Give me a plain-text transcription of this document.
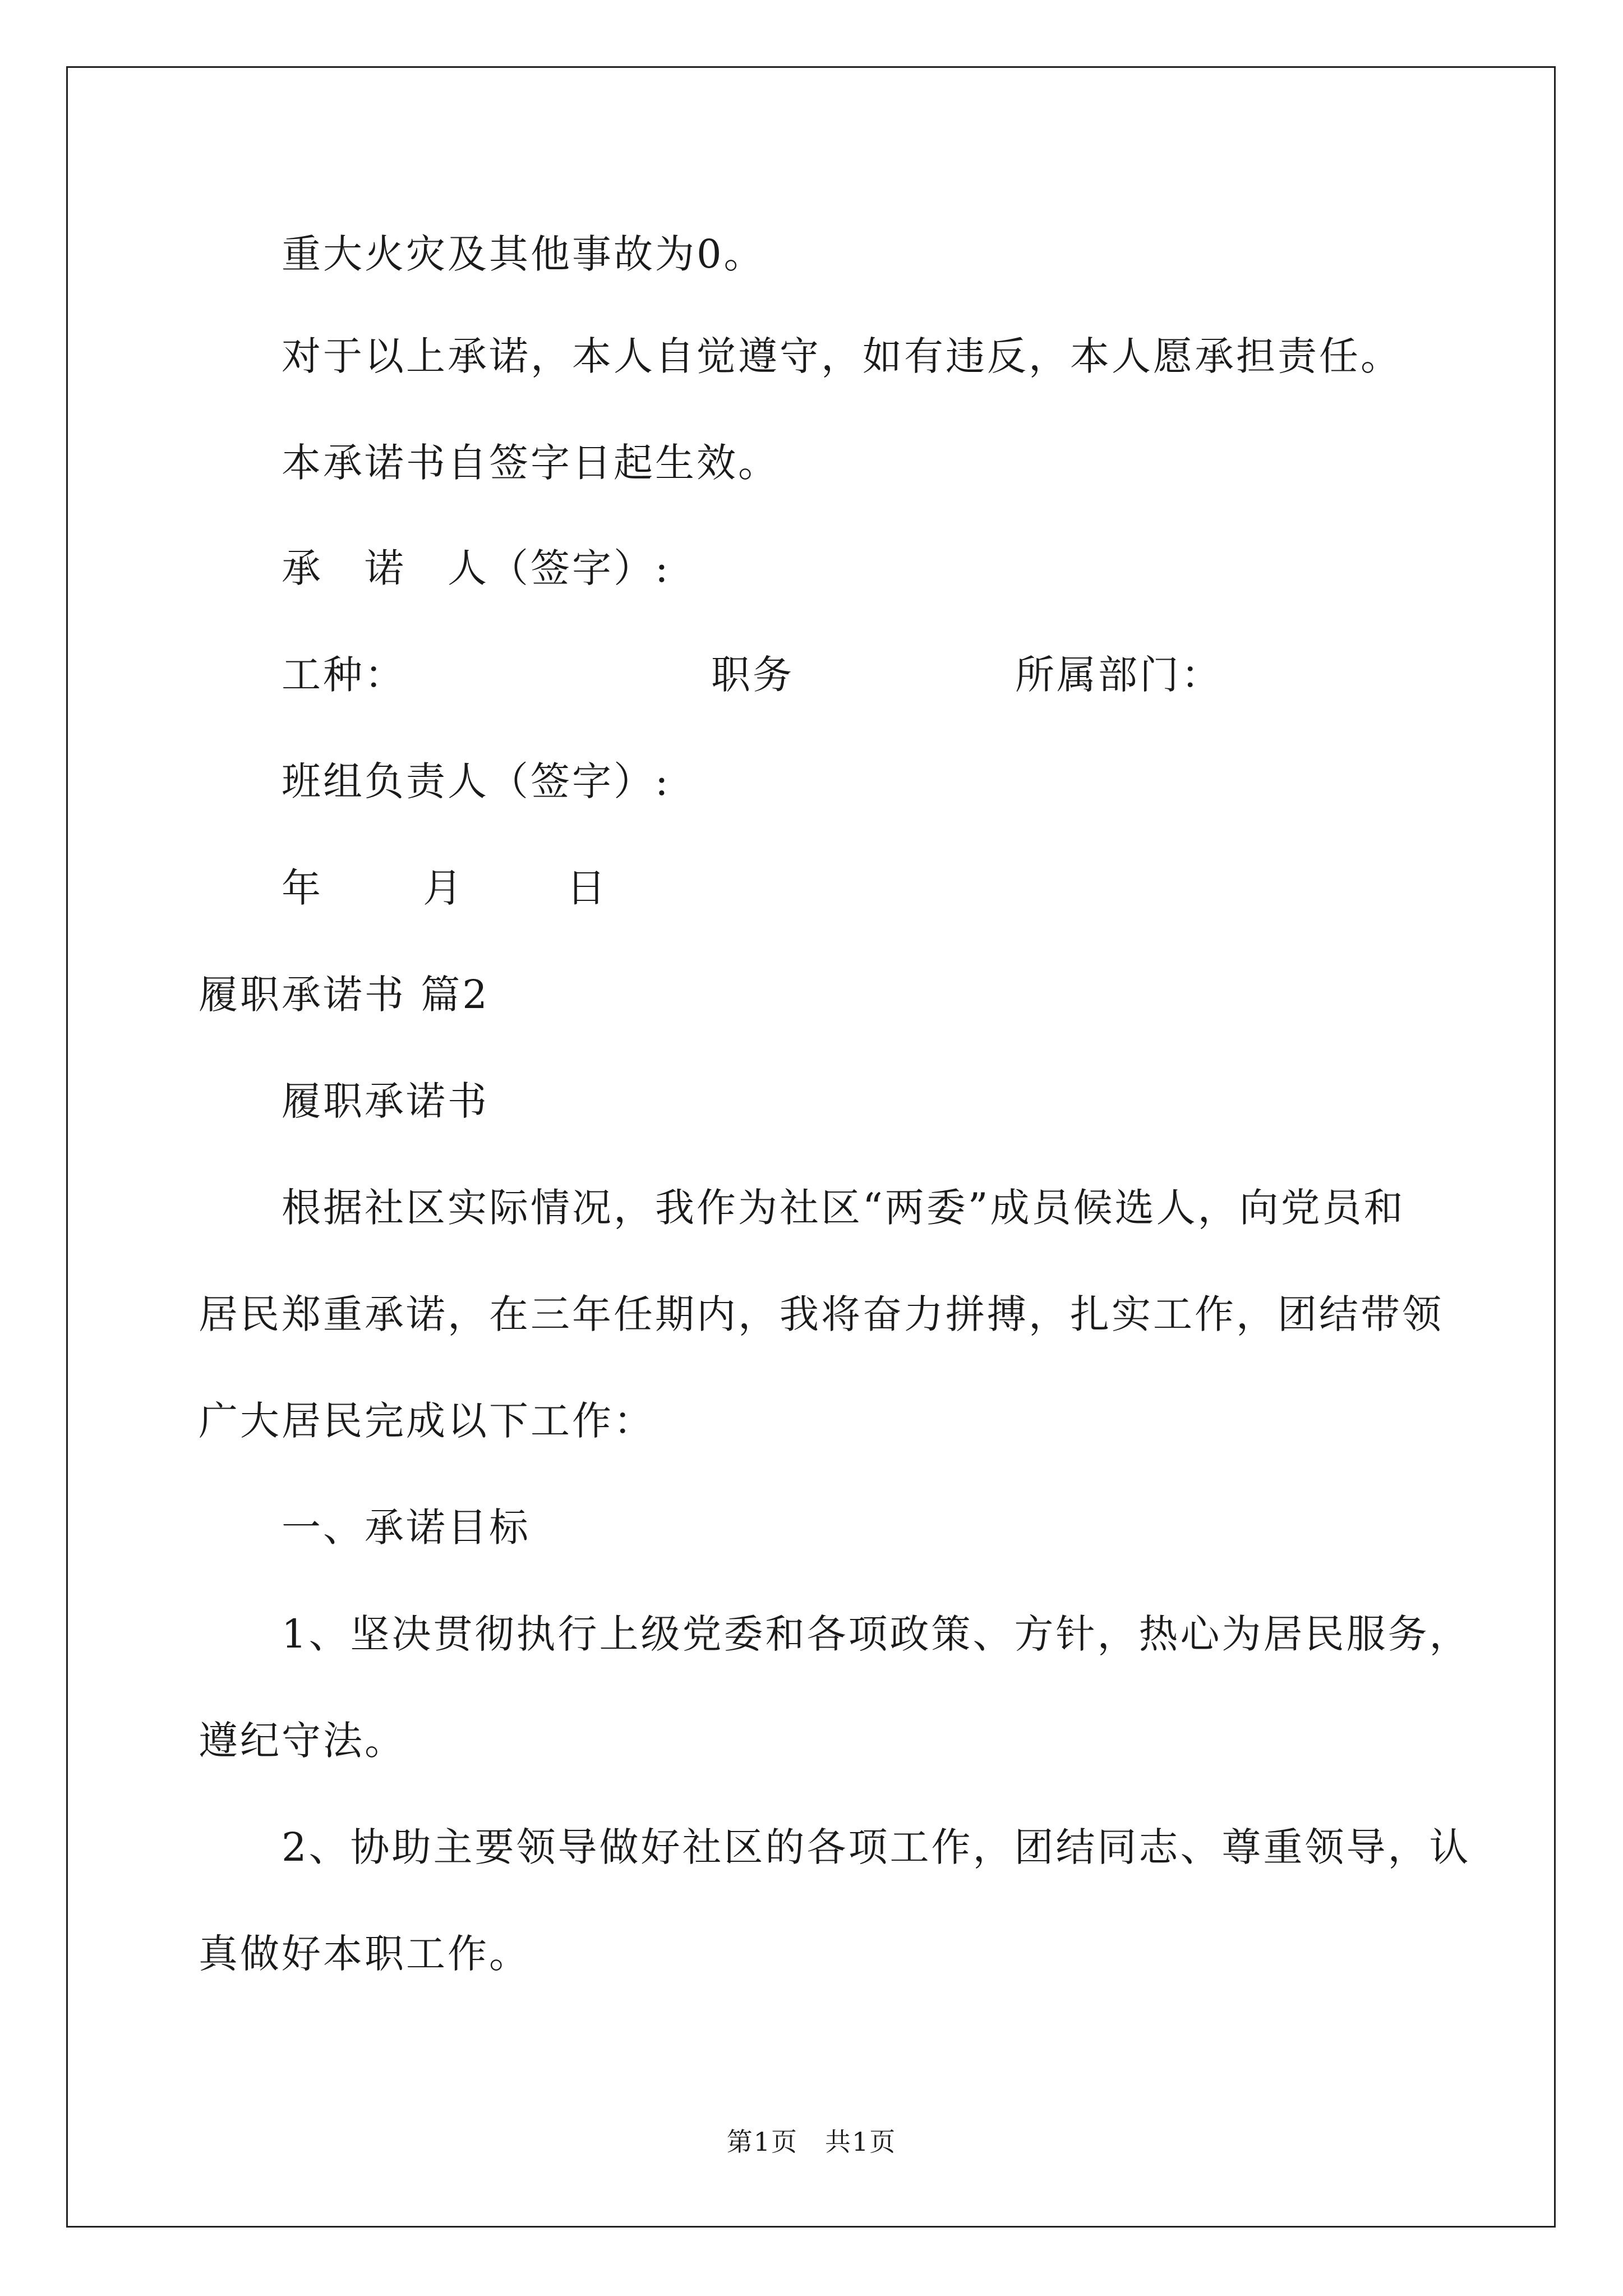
重大火灾及其他事故为0。
对于以上承诺，本人自觉遵守，如有违反，本人愿承担责任。
本承诺书自签字日起生效。
承　诺　人（签字）:
工种：	职务	所属部门：
班组负责人（签字）:
年	月	日
履职承诺书 篇2
履职承诺书
根据社区实际情况，我作为社区“两委”成员候选人，向党员和
居民郑重承诺，在三年任期内，我将奋力拼搏，扎实工作，团结带领
广大居民完成以下工作：
一、承诺目标
1、坚决贯彻执行上级党委和各项政策、方针，热心为居民服务，
遵纪守法。
2、协助主要领导做好社区的各项工作，团结同志、尊重领导，认
真做好本职工作。
第1页　共1页
